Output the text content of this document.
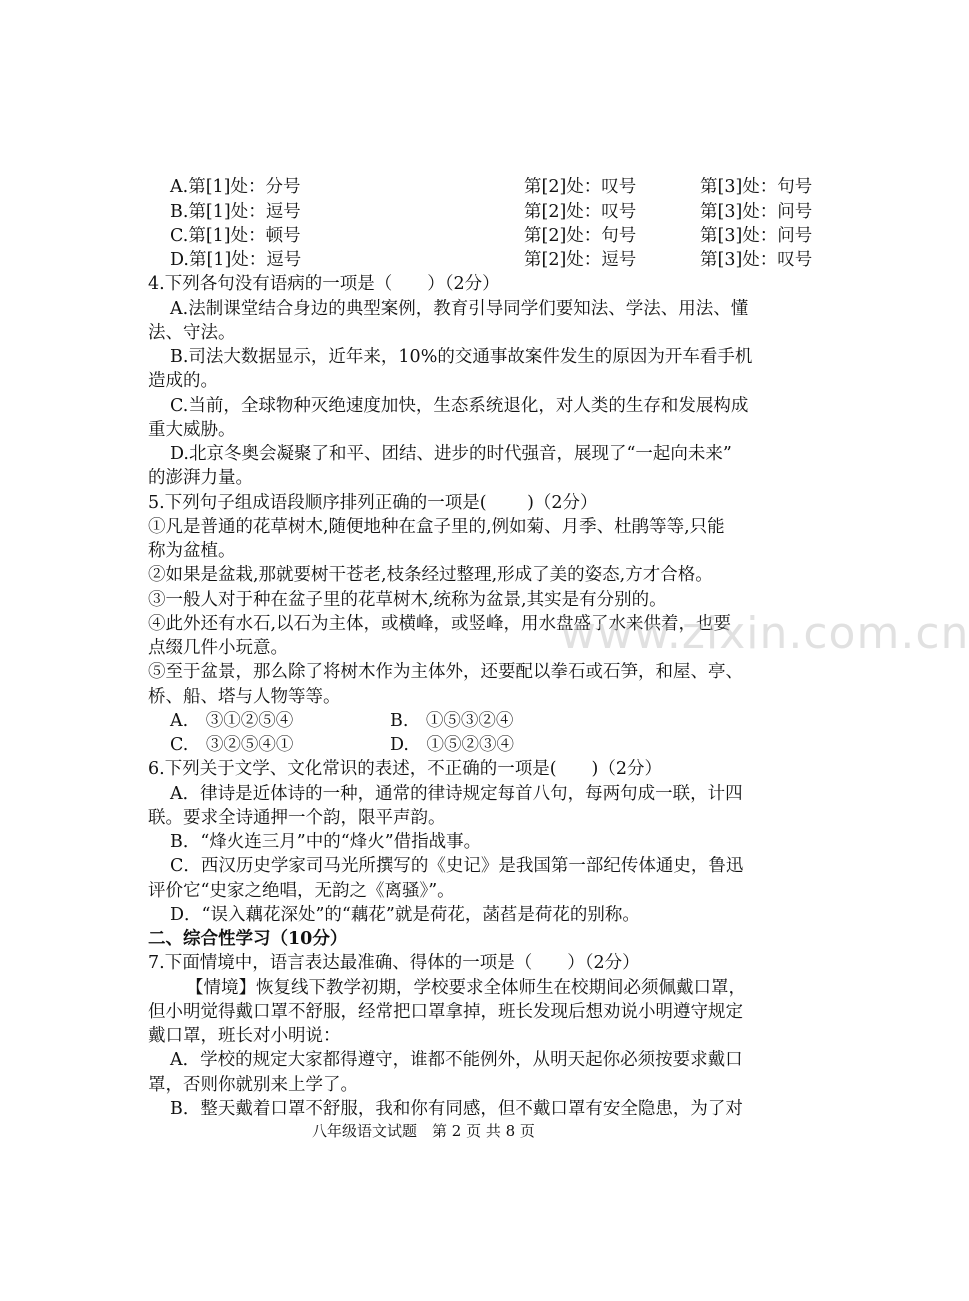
A.第[1]处：分号	第[2]处：叹号	第[3]处：句号
B.第[1]处：逗号	第[2]处：叹号	第[3]处：问号
C.第[1]处：顿号	第[2]处：句号	第[3]处：问号
D.第[1]处：逗号	第[2]处：逗号	第[3]处：叹号
4.下列各句没有语病的一项是（　　）（2分）
A.法制课堂结合身边的典型案例，教育引导同学们要知法、学法、用法、懂
法、守法。
B.司法大数据显示，近年来，10%的交通事故案件发生的原因为开车看手机
造成的。
C.当前，全球物种灭绝速度加快，生态系统退化，对人类的生存和发展构成
重大威胁。
D.北京冬奥会凝聚了和平、团结、进步的时代强音，展现了“一起向未来”
的澎湃力量。
5.下列句子组成语段顺序排列正确的一项是(　　 )（2分）
①凡是普通的花草树木,随便地种在盒子里的,例如菊、月季、杜鹃等等,只能
称为盆植。
②如果是盆栽,那就要树干苍老,枝条经过整理,形成了美的姿态,方才合格。
③一般人对于种在盆子里的花草树木,统称为盆景,其实是有分别的。
④此外还有水石,以石为主体，或横峰，或竖峰，用水盘盛了水来供着，也要
点缀几件小玩意。
⑤至于盆景，那么除了将树木作为主体外，还要配以拳石或石笋，和屋、亭、
桥、船、塔与人物等等。
A.　③①②⑤④	B.　①⑤③②④
C.　③②⑤④①	D.　①⑤②③④
6.下列关于文学、文化常识的表述，不正确的一项是(　　)（2分）
A．律诗是近体诗的一种，通常的律诗规定每首八句，每两句成一联，计四
联。要求全诗通押一个韵，限平声韵。
B．“烽火连三月”中的“烽火”借指战事。
C．西汉历史学家司马光所撰写的《史记》是我国第一部纪传体通史，鲁迅
评价它“史家之绝唱，无韵之《离骚》”。
D．“误入藕花深处”的“藕花”就是荷花，菡萏是荷花的别称。
二、综合性学习（10分）
7.下面情境中，语言表达最准确、得体的一项是（　　）（2分）
【情境】恢复线下教学初期，学校要求全体师生在校期间必须佩戴口罩，
但小明觉得戴口罩不舒服，经常把口罩拿掉，班长发现后想劝说小明遵守规定
戴口罩，班长对小明说：
A．学校的规定大家都得遵守，谁都不能例外，从明天起你必须按要求戴口
罩，否则你就别来上学了。
B．整天戴着口罩不舒服，我和你有同感，但不戴口罩有安全隐患，为了对
八年级语文试题　第 2 页 共 8 页
www.zixin.com.cn
